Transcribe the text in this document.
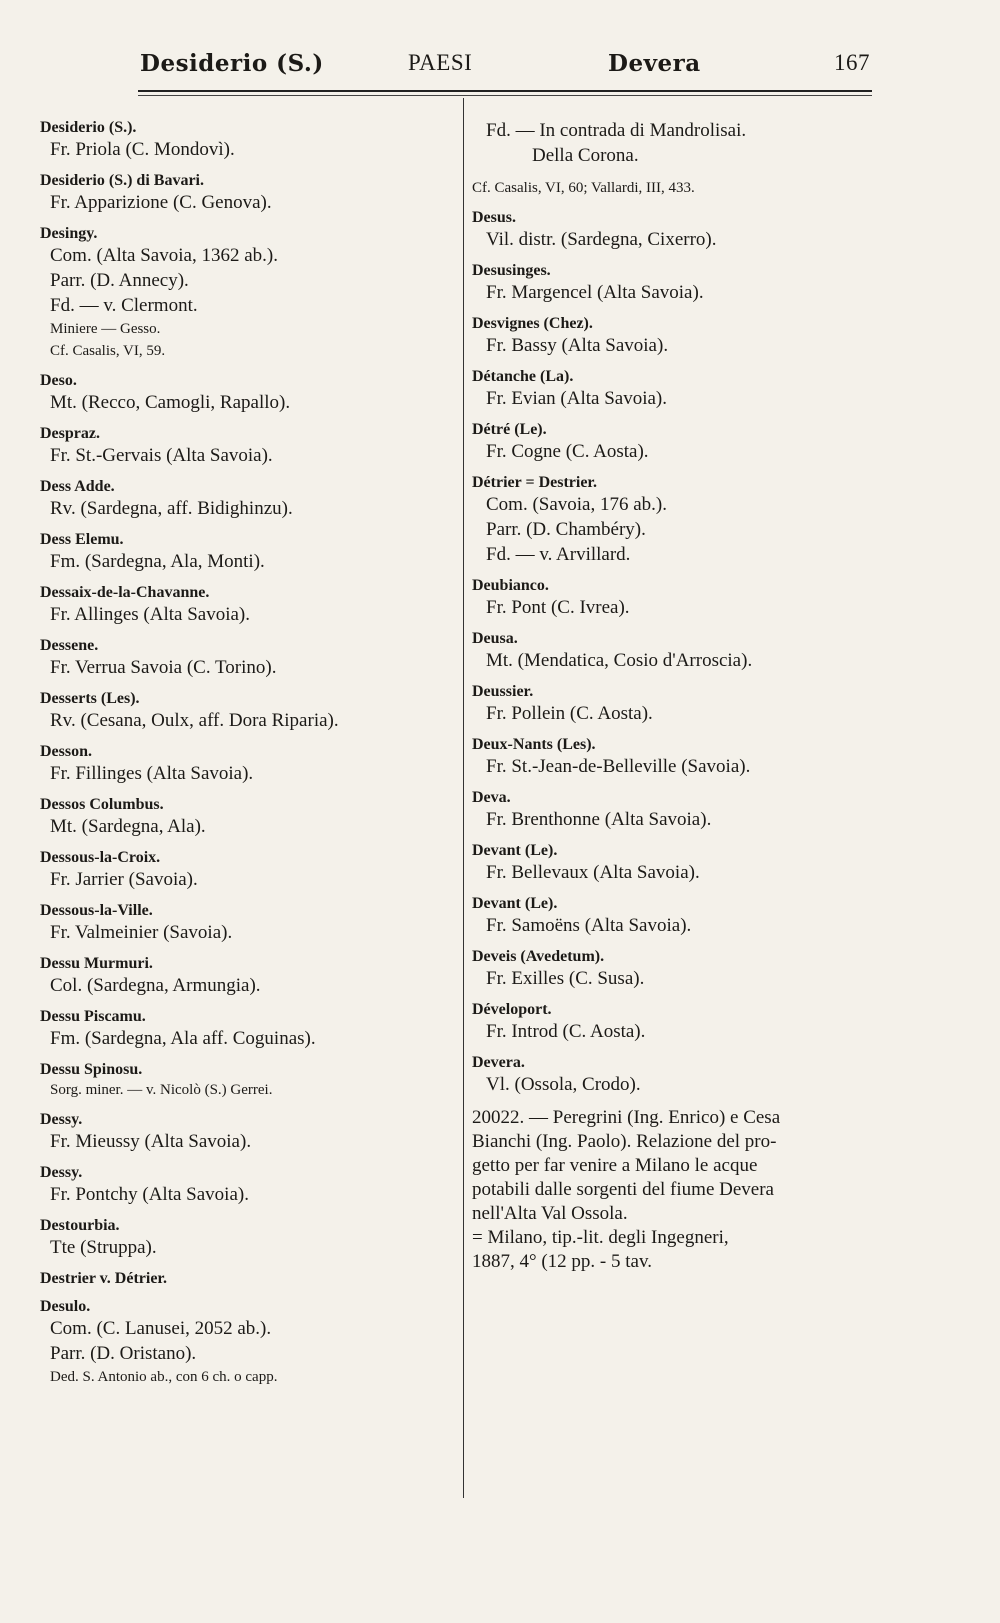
Desiderio (S.)	PAESI	Devera	167
Desiderio (S.).
Fr. Priola (C. Mondovì).
Desiderio (S.) di Bavari.
Fr. Apparizione (C. Genova).
Desingy.
Com. (Alta Savoia, 1362 ab.).
Parr. (D. Annecy).
Fd. — v. Clermont.
Miniere — Gesso.
Cf. Casalis, VI, 59.
Deso.
Mt. (Recco, Camogli, Rapallo).
Despraz.
Fr. St.-Gervais (Alta Savoia).
Dess Adde.
Rv. (Sardegna, aff. Bidighinzu).
Dess Elemu.
Fm. (Sardegna, Ala, Monti).
Dessaix-de-la-Chavanne.
Fr. Allinges (Alta Savoia).
Dessene.
Fr. Verrua Savoia (C. Torino).
Desserts (Les).
Rv. (Cesana, Oulx, aff. Dora Riparia).
Desson.
Fr. Fillinges (Alta Savoia).
Dessos Columbus.
Mt. (Sardegna, Ala).
Dessous-la-Croix.
Fr. Jarrier (Savoia).
Dessous-la-Ville.
Fr. Valmeinier (Savoia).
Dessu Murmuri.
Col. (Sardegna, Armungia).
Dessu Piscamu.
Fm. (Sardegna, Ala aff. Coguinas).
Dessu Spinosu.
Sorg. miner. — v. Nicolò (S.) Gerrei.
Dessy.
Fr. Mieussy (Alta Savoia).
Dessy.
Fr. Pontchy (Alta Savoia).
Destourbia.
Tte (Struppa).
Destrier v. Détrier.
Desulo.
Com. (C. Lanusei, 2052 ab.).
Parr. (D. Oristano).
Ded. S. Antonio ab., con 6 ch. o capp.
Fd. — In contrada di Mandrolisai.
Della Corona.
Cf. Casalis, VI, 60; Vallardi, III, 433.
Desus.
Vil. distr. (Sardegna, Cixerro).
Desusinges.
Fr. Margencel (Alta Savoia).
Desvignes (Chez).
Fr. Bassy (Alta Savoia).
Détanche (La).
Fr. Evian (Alta Savoia).
Détré (Le).
Fr. Cogne (C. Aosta).
Détrier = Destrier.
Com. (Savoia, 176 ab.).
Parr. (D. Chambéry).
Fd. — v. Arvillard.
Deubianco.
Fr. Pont (C. Ivrea).
Deusa.
Mt. (Mendatica, Cosio d'Arroscia).
Deussier.
Fr. Pollein (C. Aosta).
Deux-Nants (Les).
Fr. St.-Jean-de-Belleville (Savoia).
Deva.
Fr. Brenthonne (Alta Savoia).
Devant (Le).
Fr. Bellevaux (Alta Savoia).
Devant (Le).
Fr. Samoëns (Alta Savoia).
Deveis (Avedetum).
Fr. Exilles (C. Susa).
Déveloport.
Fr. Introd (C. Aosta).
Devera.
Vl. (Ossola, Crodo).
20022. — Peregrini (Ing. Enrico) e Cesa
Bianchi (Ing. Paolo). Relazione del pro-
getto per far venire a Milano le acque
potabili dalle sorgenti del fiume Devera
nell'Alta Val Ossola.
= Milano, tip.-lit. degli Ingegneri,
1887, 4° (12 pp. - 5 tav.
